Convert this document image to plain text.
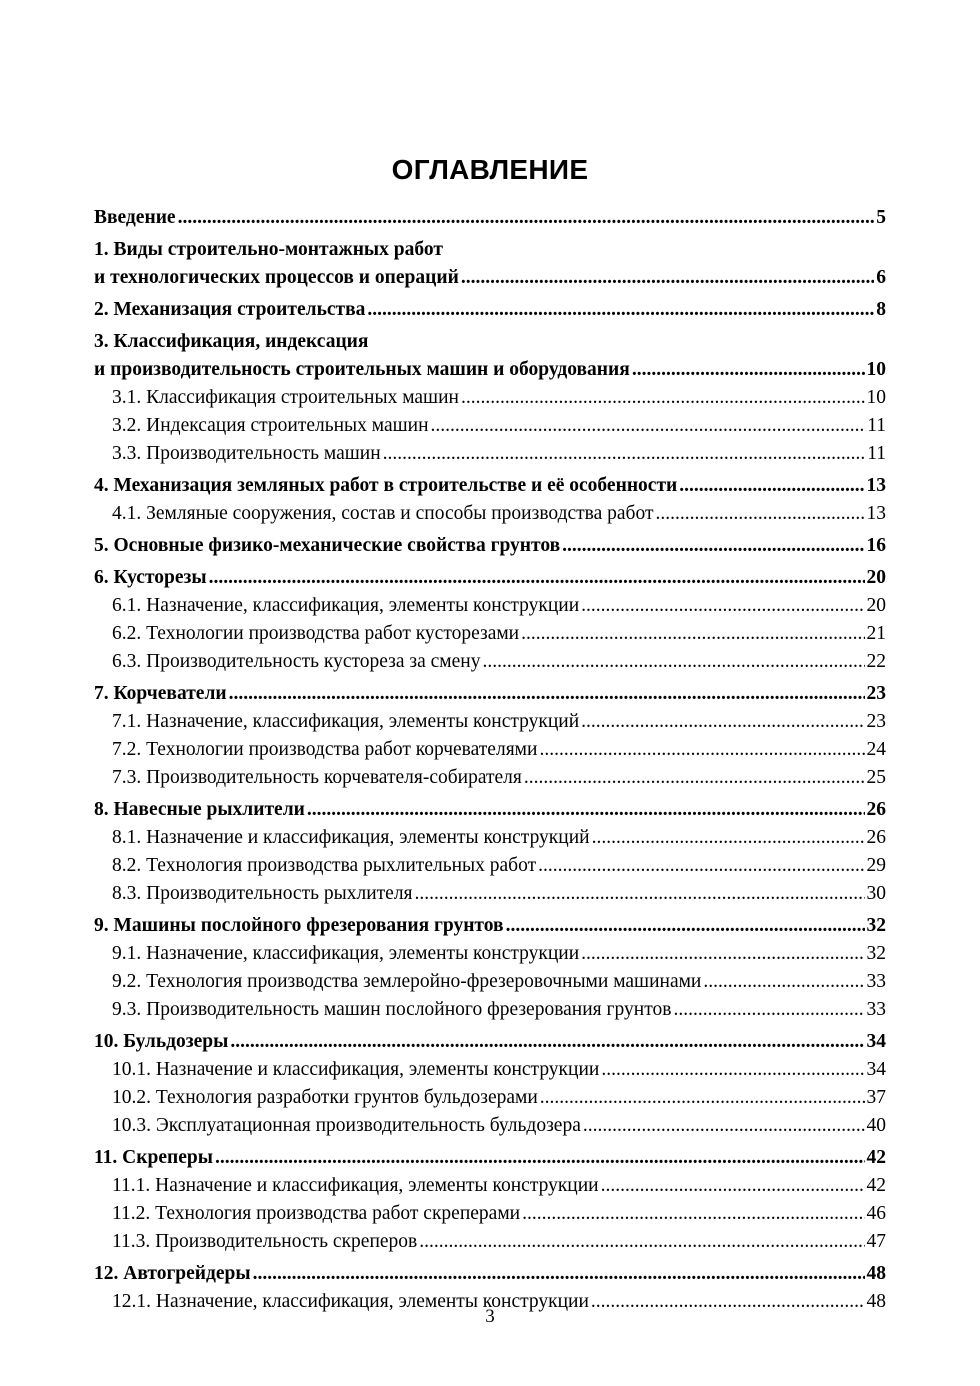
ОГЛАВЛЕНИЕ
Введение .....	5
1. Виды строительно-монтажных работ
и технологических процессов и операций .....	6
2. Механизация строительства .....	8
3. Классификация, индексация
и производительность строительных машин и оборудования .....	10
3.1. Классификация строительных машин .....	10
3.2. Индексация строительных машин .....	11
3.3. Производительность машин .....	11
4. Механизация земляных работ в строительстве и её особенности .....	13
4.1. Земляные сооружения, состав и способы производства работ .....	13
5. Основные физико-механические свойства грунтов .....	16
6. Кусторезы .....	20
6.1. Назначение, классификация, элементы конструкции .....	20
6.2. Технологии производства работ кусторезами .....	21
6.3. Производительность кустореза за смену .....	22
7. Корчеватели .....	23
7.1. Назначение, классификация, элементы конструкций .....	23
7.2. Технологии производства работ корчевателями .....	24
7.3. Производительность корчевателя-собирателя .....	25
8. Навесные рыхлители .....	26
8.1. Назначение и классификация, элементы конструкций .....	26
8.2. Технология производства рыхлительных работ .....	29
8.3. Производительность рыхлителя .....	30
9. Машины послойного фрезерования грунтов .....	32
9.1. Назначение, классификация, элементы конструкции .....	32
9.2. Технология производства землеройно-фрезеровочными машинами .....	33
9.3. Производительность машин послойного фрезерования грунтов .....	33
10. Бульдозеры .....	34
10.1. Назначение и классификация, элементы конструкции .....	34
10.2. Технология разработки грунтов бульдозерами .....	37
10.3. Эксплуатационная производительность бульдозера .....	40
11. Скреперы .....	42
11.1. Назначение и классификация, элементы конструкции .....	42
11.2. Технология производства работ скреперами .....	46
11.3. Производительность скреперов .....	47
12. Автогрейдеры .....	48
12.1. Назначение, классификация, элементы конструкции .....	48
3
